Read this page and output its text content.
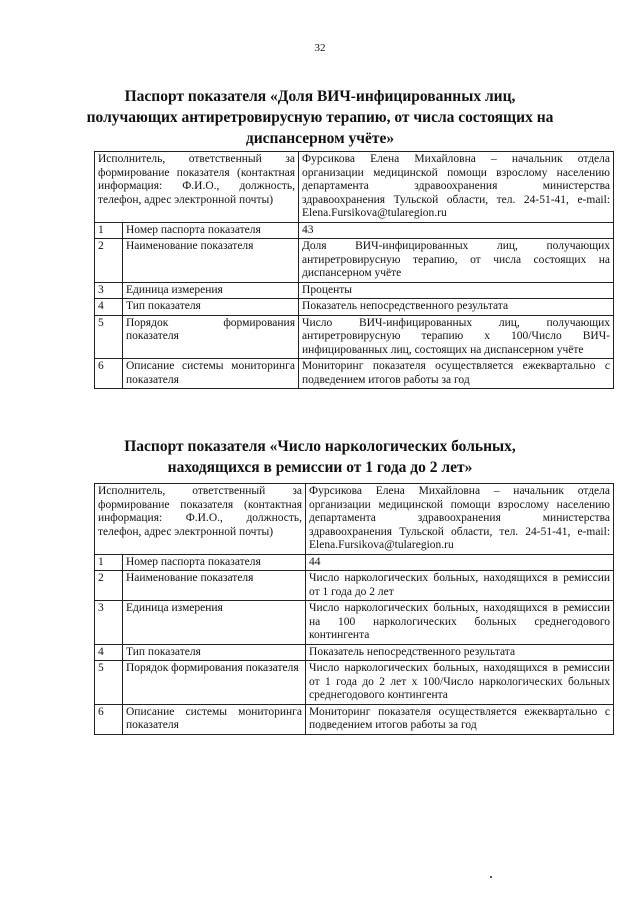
32
Паспорт показателя «Доля ВИЧ-инфицированных лиц, получающих антиретровирусную терапию, от числа состоящих на диспансерном учёте»
Исполнитель, ответственный за формирование показателя (контактная информация: Ф.И.О., должность, телефон, адрес электронной почты)		Фурсикова Елена Михайловна – начальник отдела организации медицинской помощи взрослому населению департамента здравоохранения министерства здравоохранения Тульской области, тел. 24-51-41, e-mail: Elena.Fursikova@tularegion.ru
1	Номер паспорта показателя	43
2	Наименование показателя	Доля ВИЧ-инфицированных лиц, получающих антиретровирусную терапию, от числа состоящих на диспансерном учёте
3	Единица измерения	Проценты
4	Тип показателя	Показатель непосредственного результата
5	Порядок формирования показателя	Число ВИЧ-инфицированных лиц, получающих антиретровирусную терапию х 100/Число ВИЧ-инфицированных лиц, состоящих на диспансерном учёте
6	Описание системы мониторинга показателя	Мониторинг показателя осуществляется ежеквартально с подведением итогов работы за год
Паспорт показателя «Число наркологических больных, находящихся в ремиссии от 1 года до 2 лет»
Исполнитель, ответственный за формирование показателя (контактная информация: Ф.И.О., должность, телефон, адрес электронной почты)		Фурсикова Елена Михайловна – начальник отдела организации медицинской помощи взрослому населению департамента здравоохранения министерства здравоохранения Тульской области, тел. 24-51-41, e-mail: Elena.Fursikova@tularegion.ru
1	Номер паспорта показателя	44
2	Наименование показателя	Число наркологических больных, находящихся в ремиссии от 1 года до 2 лет
3	Единица измерения	Число наркологических больных, находящихся в ремиссии на 100 наркологических больных среднегодового контингента
4	Тип показателя	Показатель непосредственного результата
5	Порядок формирования показателя	Число наркологических больных, находящихся в ремиссии от 1 года до 2 лет х 100/Число наркологических больных среднегодового контингента
6	Описание системы мониторинга показателя	Мониторинг показателя осуществляется ежеквартально с подведением итогов работы за год
